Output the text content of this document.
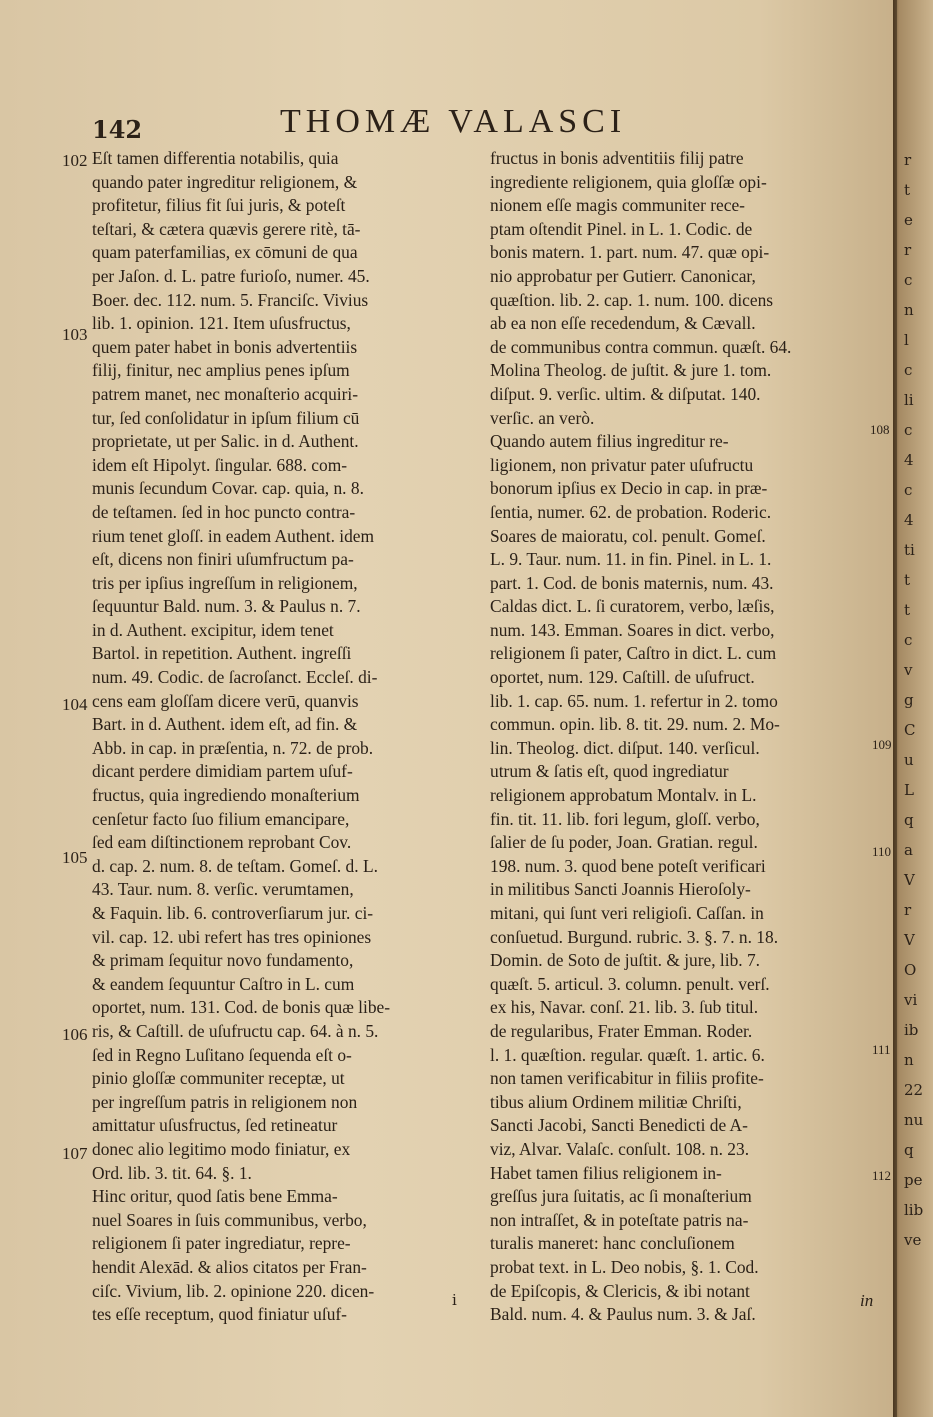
142	THOMÆ VALASCI
102
103
104
105
106
107
108
109
110
111
112
Eſt tamen differentia notabilis, quia
quando pater ingreditur religionem, &
profitetur, filius fit ſui juris, & poteſt
teſtari, & cætera quævis gerere ritè, tā-
quam paterfamilias, ex cōmuni de qua
per Jaſon. d. L. patre furioſo, numer. 45.
Boer. dec. 112. num. 5. Franciſc. Vivius
lib. 1. opinion. 121. Item uſusfructus,
quem pater habet in bonis advertentiis
filij, finitur, nec amplius penes ipſum
patrem manet, nec monaſterio acquiri-
tur, ſed conſolidatur in ipſum filium cū
proprietate, ut per Salic. in d. Authent.
idem eſt Hipolyt. ſingular. 688. com-
munis ſecundum Covar. cap. quia, n. 8.
de teſtamen. ſed in hoc puncto contra-
rium tenet gloſſ. in eadem Authent. idem
eſt, dicens non finiri uſumfructum pa-
tris per ipſius ingreſſum in religionem,
ſequuntur Bald. num. 3. & Paulus n. 7.
in d. Authent. excipitur, idem tenet
Bartol. in repetition. Authent. ingreſſi
num. 49. Codic. de ſacroſanct. Eccleſ. di-
cens eam gloſſam dicere verū, quanvis
Bart. in d. Authent. idem eſt, ad fin. &
Abb. in cap. in præſentia, n. 72. de prob.
dicant perdere dimidiam partem uſuf-
fructus, quia ingrediendo monaſterium
cenſetur facto ſuo filium emancipare,
ſed eam diſtinctionem reprobant Cov.
d. cap. 2. num. 8. de teſtam. Gomeſ. d. L.
43. Taur. num. 8. verſic. verumtamen,
& Faquin. lib. 6. controverſiarum jur. ci-
vil. cap. 12. ubi refert has tres opiniones
& primam ſequitur novo fundamento,
& eandem ſequuntur Caſtro in L. cum
oportet, num. 131. Cod. de bonis quæ libe-
ris, & Caſtill. de uſufructu cap. 64. à n. 5.
ſed in Regno Luſitano ſequenda eſt o-
pinio gloſſæ communiter receptæ, ut
per ingreſſum patris in religionem non
amittatur uſusfructus, ſed retineatur
donec alio legitimo modo finiatur, ex
Ord. lib. 3. tit. 64. §. 1.
Hinc oritur, quod ſatis bene Emma-
nuel Soares in ſuis communibus, verbo,
religionem ſi pater ingrediatur, repre-
hendit Alexād. & alios citatos per Fran-
ciſc. Vivium, lib. 2. opinione 220. dicen-
tes eſſe receptum, quod finiatur uſuf-
fructus in bonis adventitiis filij patre
ingrediente religionem, quia gloſſæ opi-
nionem eſſe magis communiter rece-
ptam oſtendit Pinel. in L. 1. Codic. de
bonis matern. 1. part. num. 47. quæ opi-
nio approbatur per Gutierr. Canonicar,
quæſtion. lib. 2. cap. 1. num. 100. dicens
ab ea non eſſe recedendum, & Cævall.
de communibus contra commun. quæſt. 64.
Molina Theolog. de juſtit. & jure 1. tom.
diſput. 9. verſic. ultim. & diſputat. 140.
verſic. an verò.
Quando autem filius ingreditur re-
ligionem, non privatur pater uſufructu
bonorum ipſius ex Decio in cap. in præ-
ſentia, numer. 62. de probation. Roderic.
Soares de maioratu, col. penult. Gomeſ.
L. 9. Taur. num. 11. in fin. Pinel. in L. 1.
part. 1. Cod. de bonis maternis, num. 43.
Caldas dict. L. ſi curatorem, verbo, læſis,
num. 143. Emman. Soares in dict. verbo,
religionem ſi pater, Caſtro in dict. L. cum
oportet, num. 129. Caſtill. de uſufruct.
lib. 1. cap. 65. num. 1. refertur in 2. tomo
commun. opin. lib. 8. tit. 29. num. 2. Mo-
lin. Theolog. dict. diſput. 140. verſicul.
utrum & ſatis eſt, quod ingrediatur
religionem approbatum Montalv. in L.
fin. tit. 11. lib. fori legum, gloſſ. verbo,
ſalier de ſu poder, Joan. Gratian. regul.
198. num. 3. quod bene poteſt verificari
in militibus Sancti Joannis Hieroſoly-
mitani, qui ſunt veri religioſi. Caſſan. in
conſuetud. Burgund. rubric. 3. §. 7. n. 18.
Domin. de Soto de juſtit. & jure, lib. 7.
quæſt. 5. articul. 3. column. penult. verſ.
ex his, Navar. conſ. 21. lib. 3. ſub titul.
de regularibus, Frater Emman. Roder.
l. 1. quæſtion. regular. quæſt. 1. artic. 6.
non tamen verificabitur in filiis profite-
tibus alium Ordinem militiæ Chriſti,
Sancti Jacobi, Sancti Benedicti de A-
viz, Alvar. Valaſc. conſult. 108. n. 23.
Habet tamen filius religionem in-
greſſus jura ſuitatis, ac ſi monaſterium
non intraſſet, & in poteſtate patris na-
turalis maneret: hanc concluſionem
probat text. in L. Deo nobis, §. 1. Cod.
de Epiſcopis, & Clericis, & ibi notant
Bald. num. 4. & Paulus num. 3. & Jaſ.
i	in
r
t
e
r
c
n
l
c
li
c
4
c
4
ti
t
t
c
v
g
C
u
L
q
a
V
r
V
O
vi
ib
n
22
nu
q
pe
lib
ve
